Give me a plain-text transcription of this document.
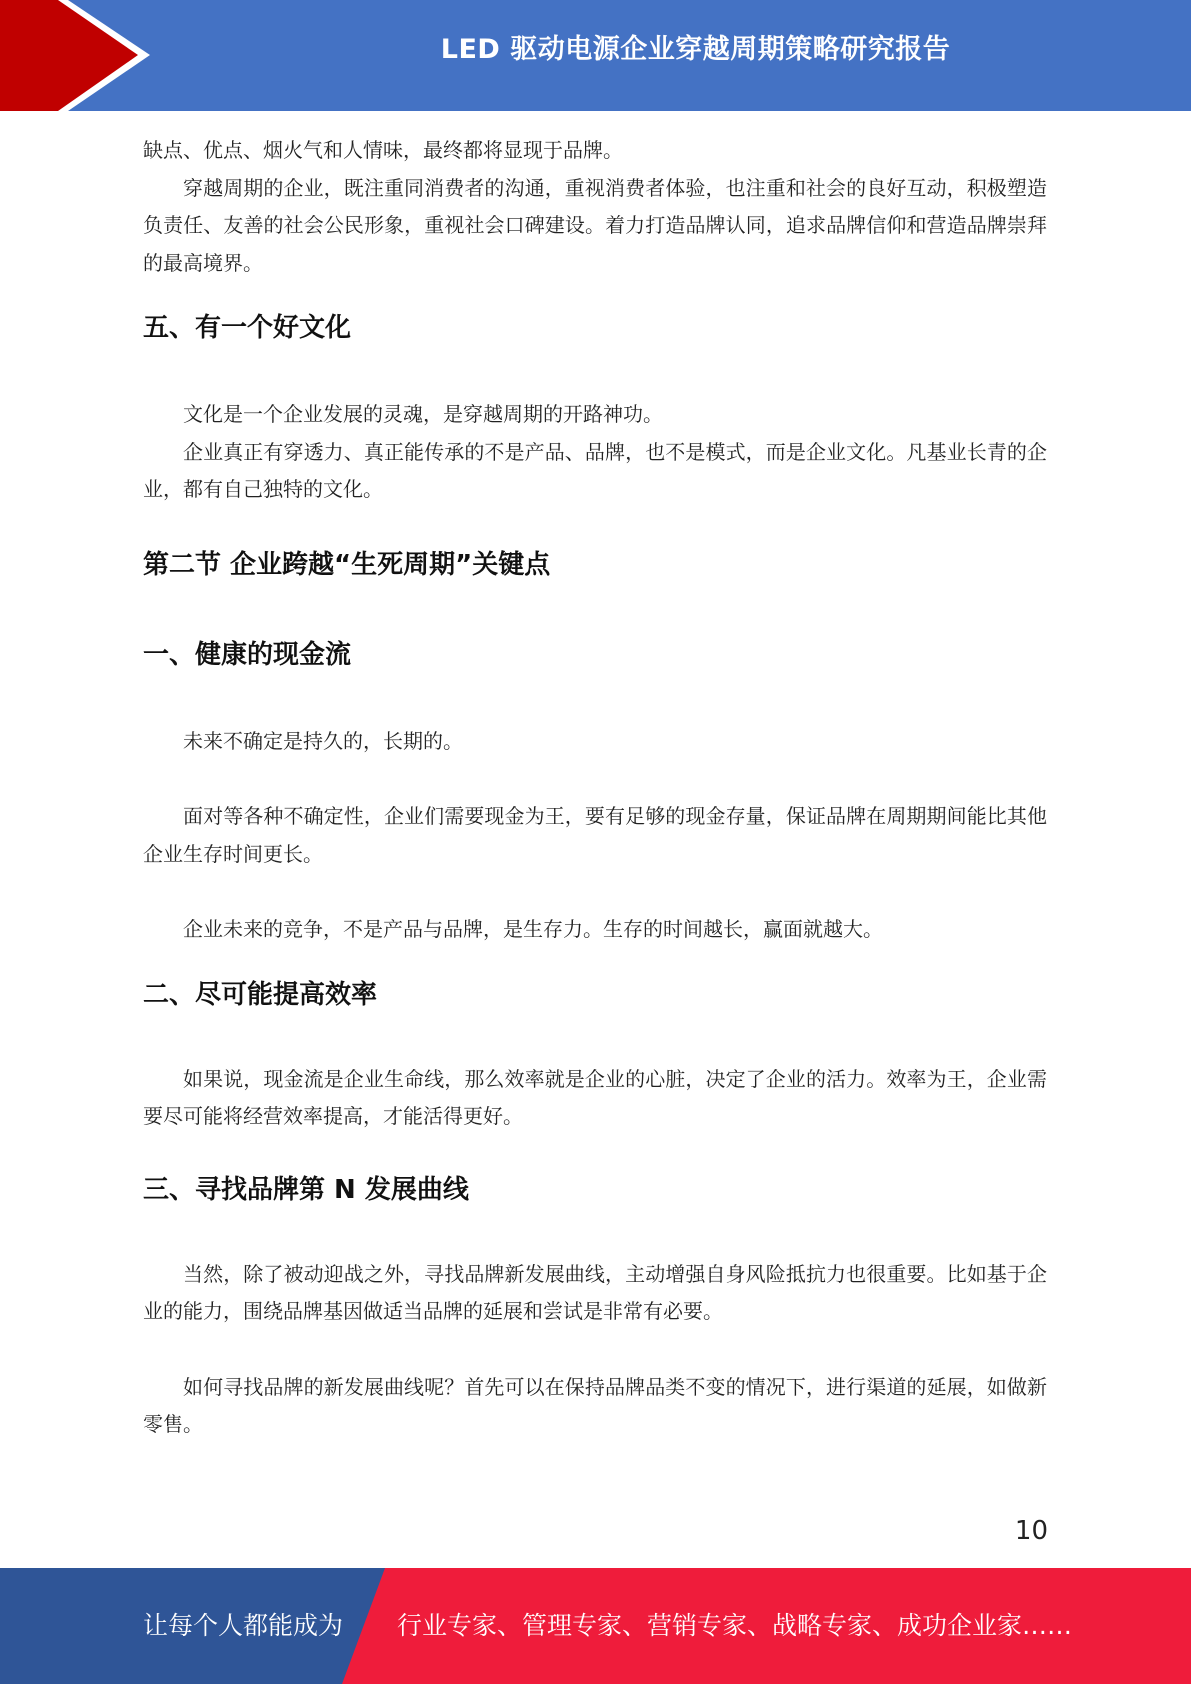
LED 驱动电源企业穿越周期策略研究报告

缺点、优点、烟火气和人情味，最终都将显现于品牌。

穿越周期的企业，既注重同消费者的沟通，重视消费者体验，也注重和社会的良好互动，积极塑造负责任、友善的社会公民形象，重视社会口碑建设。着力打造品牌认同，追求品牌信仰和营造品牌崇拜的最高境界。

五、有一个好文化

文化是一个企业发展的灵魂，是穿越周期的开路神功。

企业真正有穿透力、真正能传承的不是产品、品牌，也不是模式，而是企业文化。凡基业长青的企业，都有自己独特的文化。

第二节 企业跨越“生死周期”关键点
一、健康的现金流

未来不确定是持久的，长期的。

面对等各种不确定性，企业们需要现金为王，要有足够的现金存量，保证品牌在周期期间能比其他企业生存时间更长。

企业未来的竞争，不是产品与品牌，是生存力。生存的时间越长，赢面就越大。

二、尽可能提高效率

如果说，现金流是企业生命线，那么效率就是企业的心脏，决定了企业的活力。效率为王，企业需要尽可能将经营效率提高，才能活得更好。

三、寻找品牌第 N 发展曲线

当然，除了被动迎战之外，寻找品牌新发展曲线，主动增强自身风险抵抗力也很重要。比如基于企业的能力，围绕品牌基因做适当品牌的延展和尝试是非常有必要。

如何寻找品牌的新发展曲线呢？首先可以在保持品牌品类不变的情况下，进行渠道的延展，如做新零售。

10
让每个人都能成为 行业专家、管理专家、营销专家、战略专家、成功企业家……
